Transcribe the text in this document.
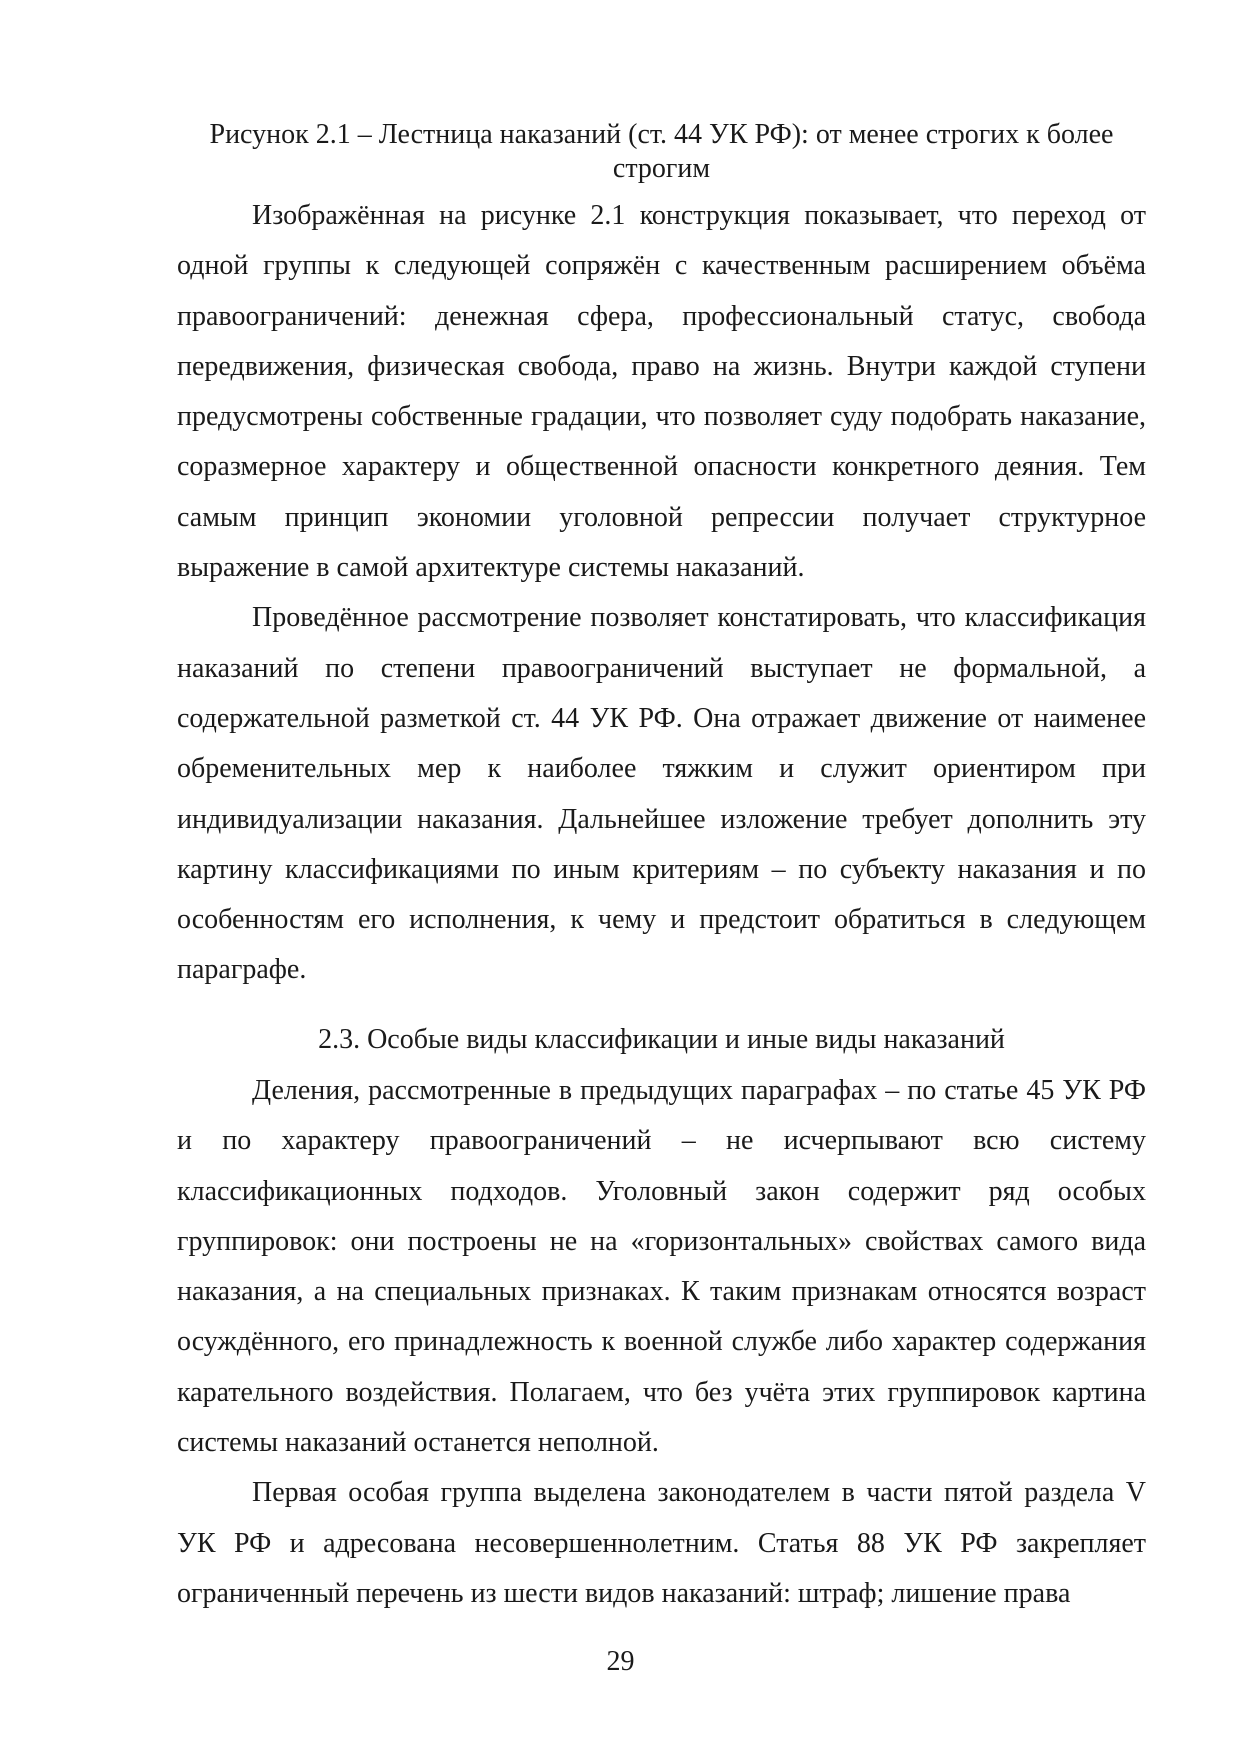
Рисунок 2.1 – Лестница наказаний (ст. 44 УК РФ): от менее строгих к более строгим

Изображённая на рисунке 2.1 конструкция показывает, что переход от одной группы к следующей сопряжён с качественным расширением объёма правоограничений: денежная сфера, профессиональный статус, свобода передвижения, физическая свобода, право на жизнь. Внутри каждой ступени предусмотрены собственные градации, что позволяет суду подобрать наказание, соразмерное характеру и общественной опасности конкретного деяния. Тем самым принцип экономии уголовной репрессии получает структурное выражение в самой архитектуре системы наказаний.

Проведённое рассмотрение позволяет констатировать, что классификация наказаний по степени правоограничений выступает не формальной, а содержательной разметкой ст. 44 УК РФ. Она отражает движение от наименее обременительных мер к наиболее тяжким и служит ориентиром при индивидуализации наказания. Дальнейшее изложение требует дополнить эту картину классификациями по иным критериям – по субъекту наказания и по особенностям его исполнения, к чему и предстоит обратиться в следующем параграфе.

2.3. Особые виды классификации и иные виды наказаний

Деления, рассмотренные в предыдущих параграфах – по статье 45 УК РФ и по характеру правоограничений – не исчерпывают всю систему классификационных подходов. Уголовный закон содержит ряд особых группировок: они построены не на «горизонтальных» свойствах самого вида наказания, а на специальных признаках. К таким признакам относятся возраст осуждённого, его принадлежность к военной службе либо характер содержания карательного воздействия. Полагаем, что без учёта этих группировок картина системы наказаний останется неполной.

Первая особая группа выделена законодателем в части пятой раздела V УК РФ и адресована несовершеннолетним. Статья 88 УК РФ закрепляет ограниченный перечень из шести видов наказаний: штраф; лишение права

29
